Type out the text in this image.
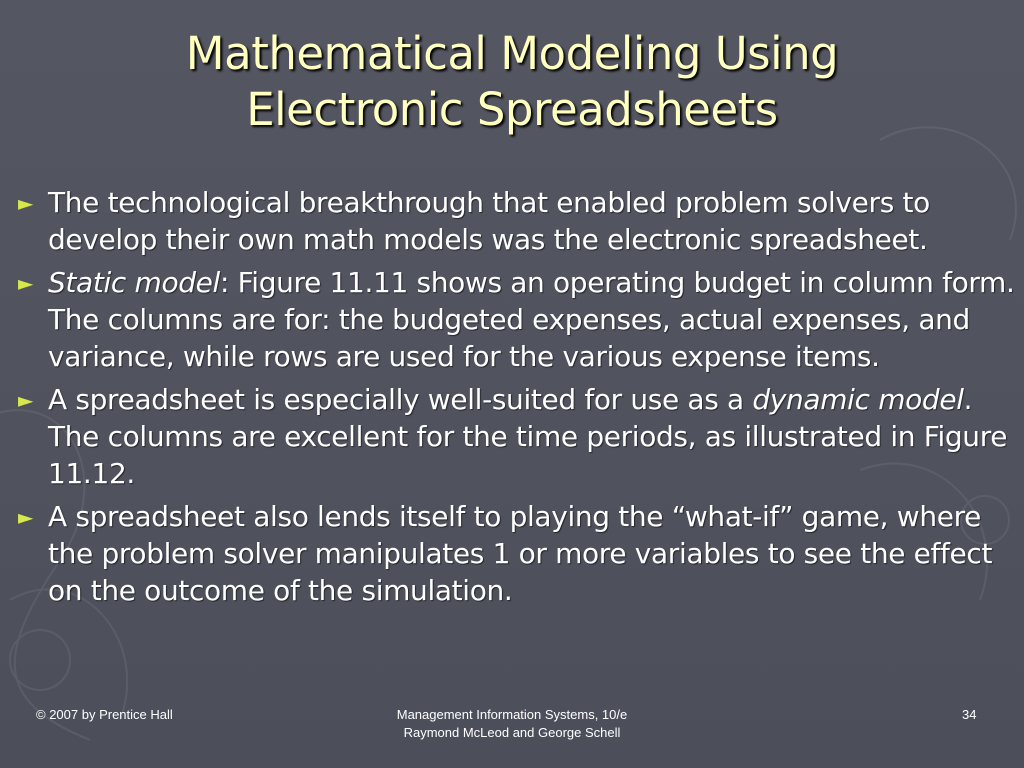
Mathematical Modeling Using
Electronic Spreadsheets
► The technological breakthrough that enabled problem solvers to develop their own math models was the electronic spreadsheet.
► Static model: Figure 11.11 shows an operating budget in column form. The columns are for: the budgeted expenses, actual expenses, and variance, while rows are used for the various expense items.
► A spreadsheet is especially well-suited for use as a dynamic model. The columns are excellent for the time periods, as illustrated in Figure 11.12.
► A spreadsheet also lends itself to playing the “what-if” game, where the problem solver manipulates 1 or more variables to see the effect on the outcome of the simulation.
© 2007 by Prentice Hall	Management Information Systems, 10/e
Raymond McLeod and George Schell
34
